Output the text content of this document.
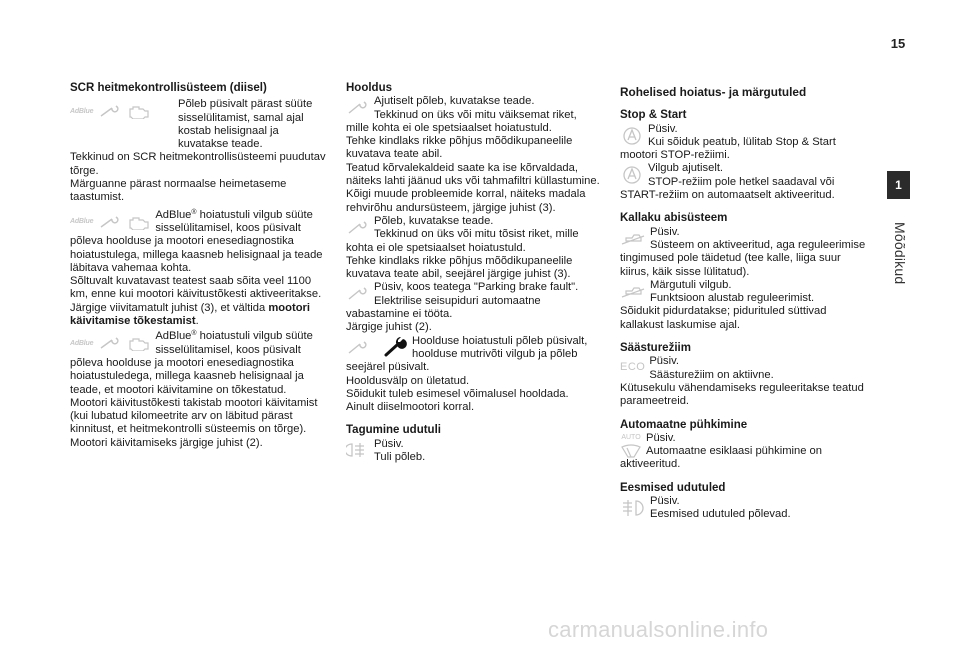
15
1
Mõõdikud
SCR heitmekontrollisüsteem (diisel)
AdBlue
Põleb püsivalt pärast süüte sisselülitamist, samal ajal kostab helisignaal ja kuvatakse teade.
Tekkinud on SCR heitmekontrollisüsteemi puudutav tõrge.
Märguanne pärast normaalse heimetaseme taastumist.
AdBlue
AdBlue® hoiatustuli vilgub süüte sisselülitamisel, koos püsivalt põleva hoolduse ja mootori enesediagnostika hoiatustulega, millega kaasneb helisignaal ja teade läbitava vahemaa kohta.
Sõltuvalt kuvatavast teatest saab sõita veel 1100 km, enne kui mootori käivitustõkesti aktiveeritakse.
Järgige viivitamatult juhist (3), et vältida mootori käivitamise tõkestamist.
AdBlue
AdBlue® hoiatustuli vilgub süüte sisselülitamisel, koos püsivalt põleva hoolduse ja mootori enesediagnostika hoiatustuledega, millega kaasneb helisignaal ja teade, et mootori käivitamine on tõkestatud.
Mootori käivitustõkesti takistab mootori käivitamist (kui lubatud kilomeetrite arv on läbitud pärast kinnitust, et heitmekontrolli süsteemis on tõrge).
Mootori käivitamiseks järgige juhist (2).
Hooldus
Ajutiselt põleb, kuvatakse teade.
Tekkinud on üks või mitu väiksemat riket, mille kohta ei ole spetsiaalset hoiatustuld.
Tehke kindlaks rikke põhjus mõõdikupaneelile kuvatava teate abil.
Teatud kõrvalekaldeid saate ka ise kõrvaldada, näiteks lahti jäänud uks või tahmafiltri küllastumine.
Kõigi muude probleemide korral, näiteks madala rehvirõhu andursüsteem, järgige juhist (3).
Põleb, kuvatakse teade.
Tekkinud on üks või mitu tõsist riket, mille kohta ei ole spetsiaalset hoiatustuld.
Tehke kindlaks rikke põhjus mõõdikupaneelile kuvatava teate abil, seejärel järgige juhist (3).
Püsiv, koos teatega "Parking brake fault".
Elektrilise seisupiduri automaatne vabastamine ei tööta.
Järgige juhist (2).
Hoolduse hoiatustuli põleb püsivalt, hoolduse mutrivõti vilgub ja põleb seejärel püsivalt.
Hooldusvälp on ületatud.
Sõidukit tuleb esimesel võimalusel hooldada.
Ainult diiselmootori korral.
Tagumine udutuli
Püsiv.
Tuli põleb.
Rohelised hoiatus- ja märgutuled
Stop & Start
Püsiv.
Kui sõiduk peatub, lülitab Stop & Start mootori STOP-režiimi.
Vilgub ajutiselt.
STOP-režiim pole hetkel saadaval või START-režiim on automaatselt aktiveeritud.
Kallaku abisüsteem
Püsiv.
Süsteem on aktiveeritud, aga reguleerimise tingimused pole täidetud (tee kalle, liiga suur kiirus, käik sisse lülitatud).
Märgutuli vilgub.
Funktsioon alustab reguleerimist.
Sõidukit pidurdatakse; pidurituled süttivad kallakust laskumise ajal.
Säästurežiim
ECO Püsiv.
Säästurežiim on aktiivne.
Kütusekulu vähendamiseks reguleeritakse teatud parameetreid.
Automaatne pühkimine
AUTO Püsiv.
Automaatne esiklaasi pühkimine on aktiveeritud.
Eesmised udutuled
Püsiv.
Eesmised udutuled põlevad.
carmanualsonline.info
